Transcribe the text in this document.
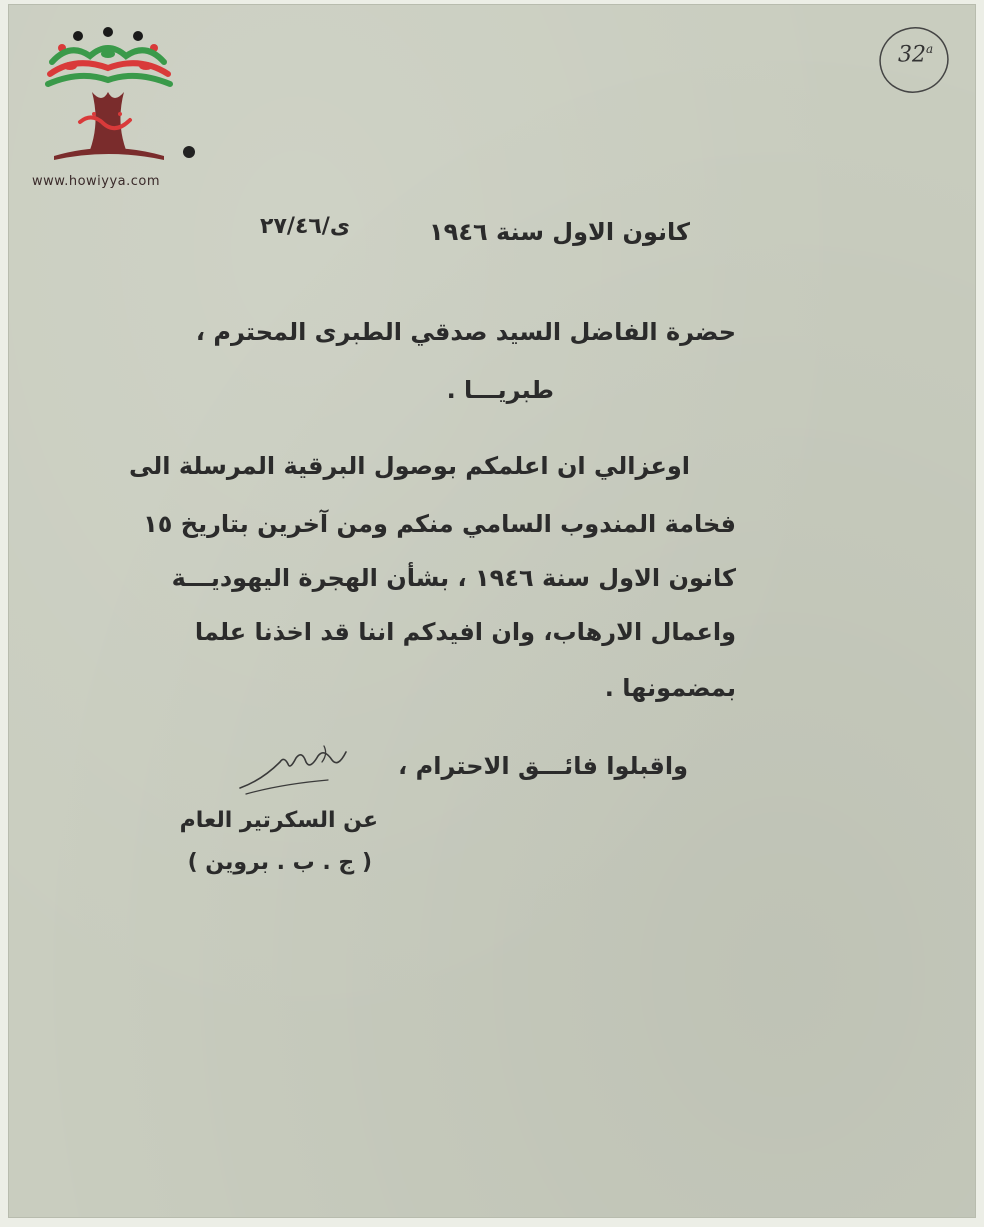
www.howiyya.com
32$^a$
كانون الاول سنة ١٩٤٦
ى/٢٧/٤٦
حضرة الفاضل السيد صدقي الطبرى المحترم ،
طبريـــا .
اوعزالي ان اعلمكم بوصول البرقية المرسلة الى
فخامة المندوب السامي منكم ومن آخرين بتاريخ ١٥
كانون الاول سنة ١٩٤٦ ، بشأن الهجرة اليهوديـــة
واعمال الارهاب، وان افيدكم اننا قد اخذنا علما
بمضمونها .
واقبلوا فائـــق الاحترام ،
عن السكرتير العام
( ج . ب . بروين )
